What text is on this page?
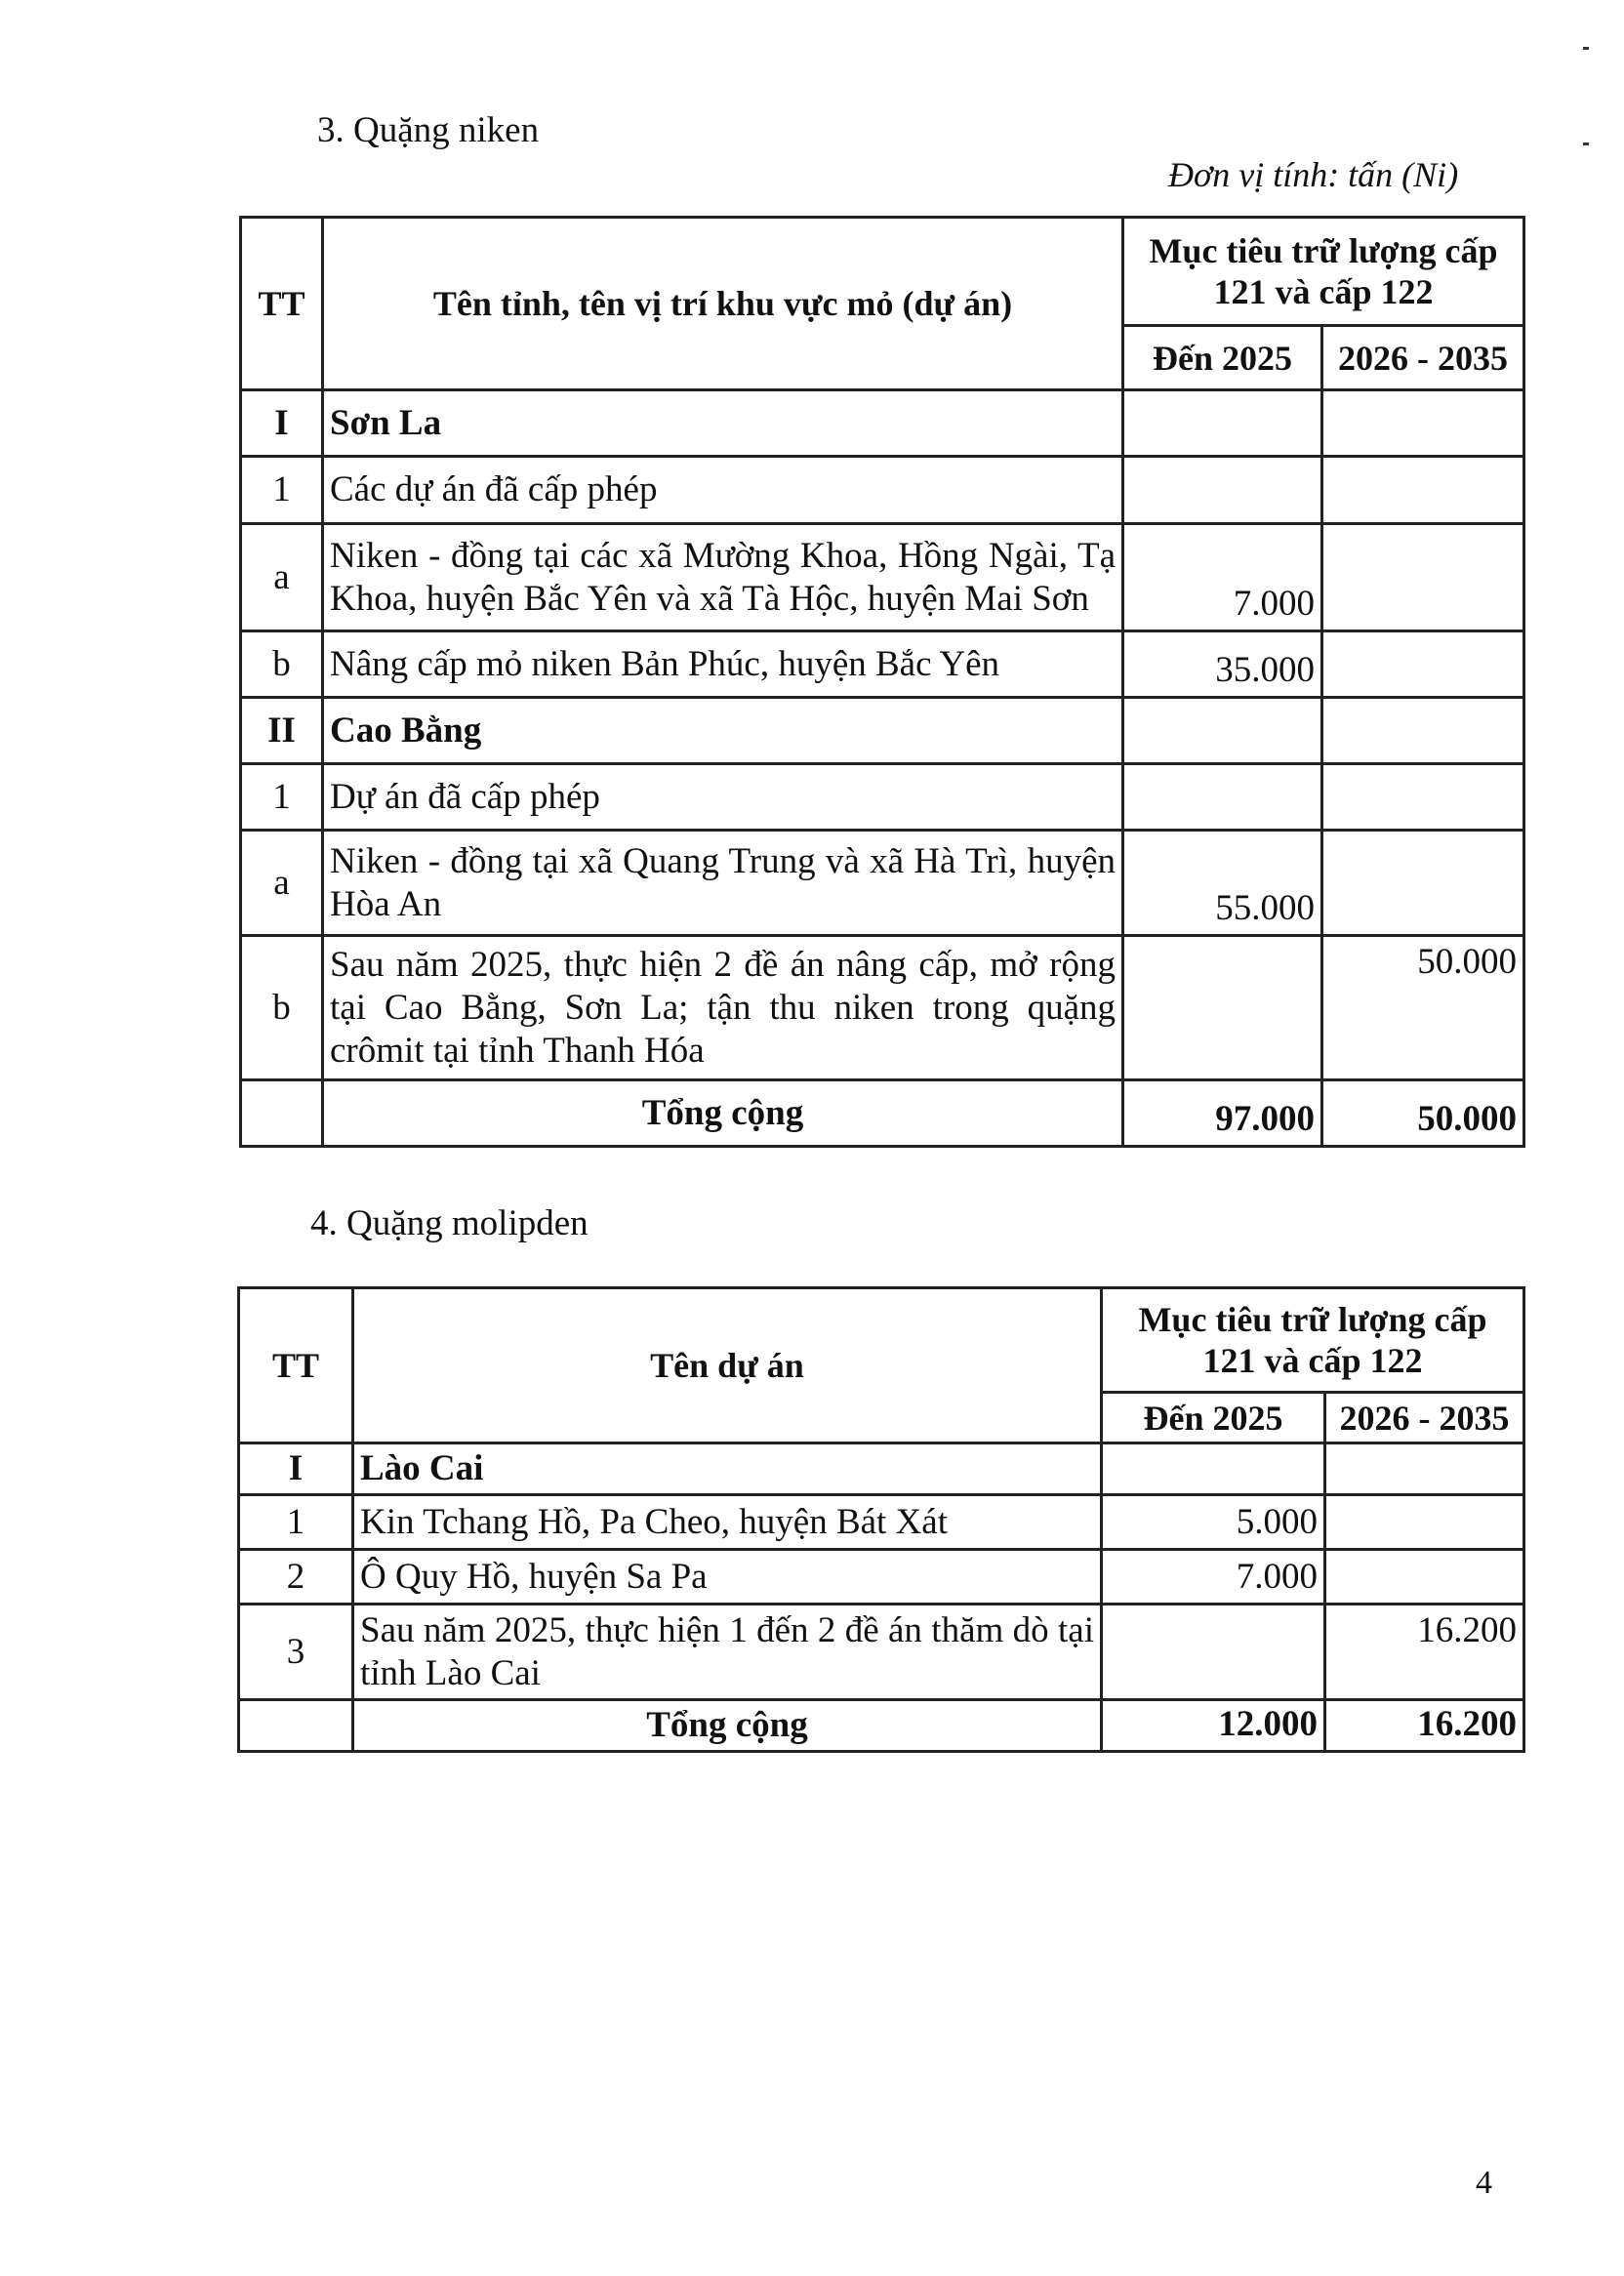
3. Quặng niken
Đơn vị tính: tấn (Ni)
TT	Tên tỉnh, tên vị trí khu vực mỏ (dự án)	Mục tiêu trữ lượng cấp
121 và cấp 122	

		Đến 2025	2026 - 2035
I	Sơn La		
1	Các dự án đã cấp phép		
a	Niken - đồng tại các xã Mường Khoa, Hồng Ngài, Tạ Khoa, huyện Bắc Yên và xã Tà Hộc, huyện Mai Sơn	7.000	
b	Nâng cấp mỏ niken Bản Phúc, huyện Bắc Yên	35.000	
II	Cao Bằng		
1	Dự án đã cấp phép		
a	Niken - đồng tại xã Quang Trung và xã Hà Trì, huyện Hòa An	55.000	
b	Sau năm 2025, thực hiện 2 đề án nâng cấp, mở rộng tại Cao Bằng, Sơn La; tận thu niken trong quặng crômit tại tỉnh Thanh Hóa		50.000
	Tổng cộng	97.000	50.000
4. Quặng molipden
TT	Tên dự án	Mục tiêu trữ lượng cấp
121 và cấp 122	

		Đến 2025	2026 - 2035
I	Lào Cai		
1	Kin Tchang Hồ, Pa Cheo, huyện Bát Xát	5.000	
2	Ô Quy Hồ, huyện Sa Pa	7.000	
3	Sau năm 2025, thực hiện 1 đến 2 đề án thăm dò tại tỉnh Lào Cai		16.200
	Tổng cộng	12.000	16.200
4
